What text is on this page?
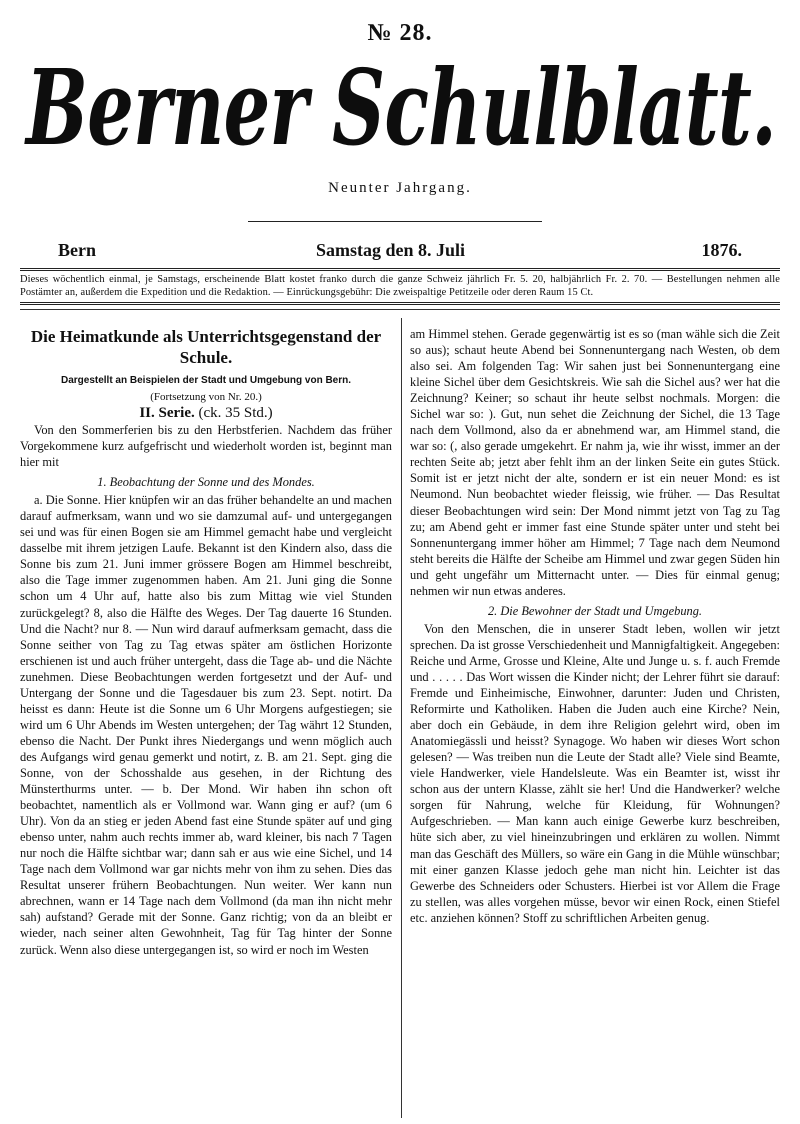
№ 28.
Berner Schulblatt.
Neunter Jahrgang.
Bern	Samstag den 8. Juli	1876.
Dieses wöchentlich einmal, je Samstags, erscheinende Blatt kostet franko durch die ganze Schweiz jährlich Fr. 5. 20, halbjährlich Fr. 2. 70. — Bestellungen nehmen alle Postämter an, außerdem die Expedition und die Redaktion. — Einrückungsgebühr: Die zweispaltige Petitzeile oder deren Raum 15 Ct.
Die Heimatkunde als Unterrichtsgegenstand der Schule.
Dargestellt an Beispielen der Stadt und Umgebung von Bern.
(Fortsetzung von Nr. 20.)
II. Serie. (ck. 35 Std.)

Von den Sommerferien bis zu den Herbstferien. Nachdem das früher Vorgekommene kurz aufgefrischt und wiederholt worden ist, beginnt man hier mit

1. Beobachtung der Sonne und des Mondes.

a. Die Sonne. Hier knüpfen wir an das früher behandelte an und machen darauf aufmerksam, wann und wo sie damzumal auf- und untergegangen sei und was für einen Bogen sie am Himmel gemacht habe und vergleicht dasselbe mit ihrem jetzigen Laufe. Bekannt ist den Kindern also, dass die Sonne bis zum 21. Juni immer grössere Bogen am Himmel beschreibt, also die Tage immer zugenommen haben. Am 21. Juni ging die Sonne schon um 4 Uhr auf, hatte also bis zum Mittag wie viel Stunden zurückgelegt? 8, also die Hälfte des Weges. Der Tag dauerte 16 Stunden. Und die Nacht? nur 8. — Nun wird darauf aufmerksam gemacht, dass die Sonne seither von Tag zu Tag etwas später am östlichen Horizonte erschienen ist und auch früher untergeht, dass die Tage ab- und die Nächte zunehmen. Diese Beobachtungen werden fortgesetzt und der Auf- und Untergang der Sonne und die Tagesdauer bis zum 23. Sept. notirt. Da heisst es dann: Heute ist die Sonne um 6 Uhr Morgens aufgestiegen; sie wird um 6 Uhr Abends im Westen untergehen; der Tag währt 12 Stunden, ebenso die Nacht. Der Punkt ihres Niedergangs und wenn möglich auch des Aufgangs wird genau gemerkt und notirt, z. B. am 21. Sept. ging die Sonne, von der Schosshalde aus gesehen, in der Richtung des Münsterthurms unter. — b. Der Mond. Wir haben ihn schon oft beobachtet, namentlich als er Vollmond war. Wann ging er auf? (um 6 Uhr). Von da an stieg er jeden Abend fast eine Stunde später auf und ging ebenso unter, nahm auch rechts immer ab, ward kleiner, bis nach 7 Tagen nur noch die Hälfte sichtbar war; dann sah er aus wie eine Sichel, und 14 Tage nach dem Vollmond war gar nichts mehr von ihm zu sehen. Dies das Resultat unserer frühern Beobachtungen. Nun weiter. Wer kann nun abrechnen, wann er 14 Tage nach dem Vollmond (da man ihn nicht mehr sah) aufstand? Gerade mit der Sonne. Ganz richtig; von da an bleibt er wieder, nach seiner alten Gewohnheit, Tag für Tag hinter der Sonne zurück. Wenn also diese untergegangen ist, so wird er noch im Westen

am Himmel stehen. Gerade gegenwärtig ist es so (man wähle sich die Zeit so aus); schaut heute Abend bei Sonnenuntergang nach Westen, ob dem also sei. Am folgenden Tag: Wir sahen just bei Sonnenuntergang eine kleine Sichel über dem Gesichtskreis. Wie sah die Sichel aus? wer hat die Zeichnung? Keiner; so schaut ihr heute selbst nochmals. Morgen: die Sichel war so: ). Gut, nun sehet die Zeichnung der Sichel, die 13 Tage nach dem Vollmond, also da er abnehmend war, am Himmel stand, die war so: (, also gerade umgekehrt. Er nahm ja, wie ihr wisst, immer an der rechten Seite ab; jetzt aber fehlt ihm an der linken Seite ein gutes Stück. Somit ist er jetzt nicht der alte, sondern er ist ein neuer Mond: es ist Neumond. Nun beobachtet wieder fleissig, wie früher. — Das Resultat dieser Beobachtungen wird sein: Der Mond nimmt jetzt von Tag zu Tag zu; am Abend geht er immer fast eine Stunde später unter und steht bei Sonnenuntergang immer höher am Himmel; 7 Tage nach dem Neumond steht bereits die Hälfte der Scheibe am Himmel und zwar gegen Süden hin und geht ungefähr um Mitternacht unter. — Dies für einmal genug; nehmen wir nun etwas anderes.

2. Die Bewohner der Stadt und Umgebung.

Von den Menschen, die in unserer Stadt leben, wollen wir jetzt sprechen. Da ist grosse Verschiedenheit und Mannigfaltigkeit. Angegeben: Reiche und Arme, Grosse und Kleine, Alte und Junge u. s. f. auch Fremde und . . . . . Das Wort wissen die Kinder nicht; der Lehrer führt sie darauf: Fremde und Einheimische, Einwohner, darunter: Juden und Christen, Reformirte und Katholiken. Haben die Juden auch eine Kirche? Nein, aber doch ein Gebäude, in dem ihre Religion gelehrt wird, oben im Anatomiegässli und heisst? Synagoge. Wo haben wir dieses Wort schon gelesen? — Was treiben nun die Leute der Stadt alle? Viele sind Beamte, viele Handwerker, viele Handelsleute. Was ein Beamter ist, wisst ihr schon aus der untern Klasse, zählt sie her! Und die Handwerker? welche sorgen für Nahrung, welche für Kleidung, für Wohnungen? Aufgeschrieben. — Man kann auch einige Gewerbe kurz beschreiben, hüte sich aber, zu viel hineinzubringen und erklären zu wollen. Nimmt man das Geschäft des Müllers, so wäre ein Gang in die Mühle wünschbar; mit einer ganzen Klasse jedoch gehe man nicht hin. Leichter ist das Gewerbe des Schneiders oder Schusters. Hierbei ist vor Allem die Frage zu stellen, was alles vorgehen müsse, bevor wir einen Rock, einen Stiefel etc. anziehen können? Stoff zu schriftlichen Arbeiten genug.
